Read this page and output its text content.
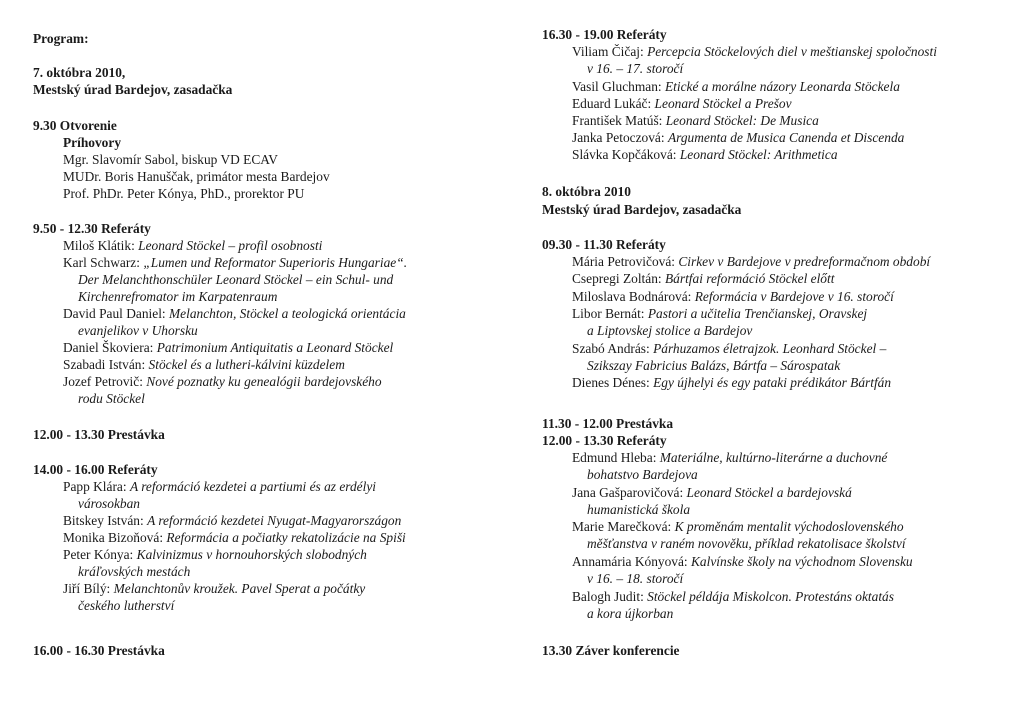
Program:
7. októbra 2010,
Mestský úrad Bardejov, zasadačka
9.30 Otvorenie
Príhovory
Mgr. Slavomír Sabol, biskup VD ECAV
MUDr. Boris Hanuščak, primátor mesta Bardejov
Prof. PhDr. Peter Kónya, PhD., prorektor PU
9.50 - 12.30 Referáty
Miloš Klátik: Leonard Stöckel – profil osobnosti
Karl Schwarz: „Lumen und Reformator Superioris Hungariae“.
Der Melanchthonschüler Leonard Stöckel – ein Schul- und
Kirchenrefromator im Karpatenraum
David Paul Daniel: Melanchton, Stöckel a teologická orientácia
evanjelikov v Uhorsku
Daniel Škoviera: Patrimonium Antiquitatis a Leonard Stöckel
Szabadi István: Stöckel és a lutheri-kálvini küzdelem
Jozef Petrovič: Nové poznatky ku genealógii bardejovského
rodu Stöckel
12.00 - 13.30 Prestávka
14.00 - 16.00 Referáty
Papp Klára: A reformáció kezdetei a partiumi és az erdélyi
városokban
Bitskey István: A reformáció kezdetei Nyugat-Magyarországon
Monika Bizoňová: Reformácia a počiatky rekatolizácie na Spiši
Peter Kónya: Kalvinizmus v hornouhorských slobodných
kráľovských mestách
Jiří Bílý: Melanchtonův kroužek. Pavel Sperat a počátky
českého lutherství
16.00 - 16.30 Prestávka
16.30 - 19.00 Referáty
Viliam Čičaj: Percepcia Stöckelových diel v meštianskej spoločnosti
v 16. – 17. storočí
Vasil Gluchman: Etické a morálne názory Leonarda Stöckela
Eduard Lukáč: Leonard Stöckel a Prešov
František Matúš: Leonard Stöckel: De Musica
Janka Petoczová: Argumenta de Musica Canenda et Discenda
Slávka Kopčáková: Leonard Stöckel: Arithmetica
8. októbra 2010
Mestský úrad Bardejov, zasadačka
09.30 - 11.30 Referáty
Mária Petrovičová: Cirkev v Bardejove v predreformačnom období
Csepregi Zoltán: Bártfai reformáció Stöckel előtt
Miloslava Bodnárová: Reformácia v Bardejove v 16. storočí
Libor Bernát: Pastori a učitelia Trenčianskej, Oravskej
a Liptovskej stolice a Bardejov
Szabó András: Párhuzamos életrajzok. Leonhard Stöckel –
Szikszay Fabricius Balázs, Bártfa – Sárospatak
Dienes Dénes: Egy újhelyi és egy pataki prédikátor Bártfán
11.30 - 12.00 Prestávka
12.00 - 13.30 Referáty
Edmund Hleba: Materiálne, kultúrno-literárne a duchovné
bohatstvo Bardejova
Jana Gašparovičová: Leonard Stöckel a bardejovská
humanistická škola
Marie Marečková: K proměnám mentalit východoslovenského
měšťanstva v raném novověku, příklad rekatolisace školství
Annamária Kónyová: Kalvínske školy na východnom Slovensku
v 16. – 18. storočí
Balogh Judit: Stöckel példája Miskolcon. Protestáns oktatás
a kora újkorban
13.30 Záver konferencie
